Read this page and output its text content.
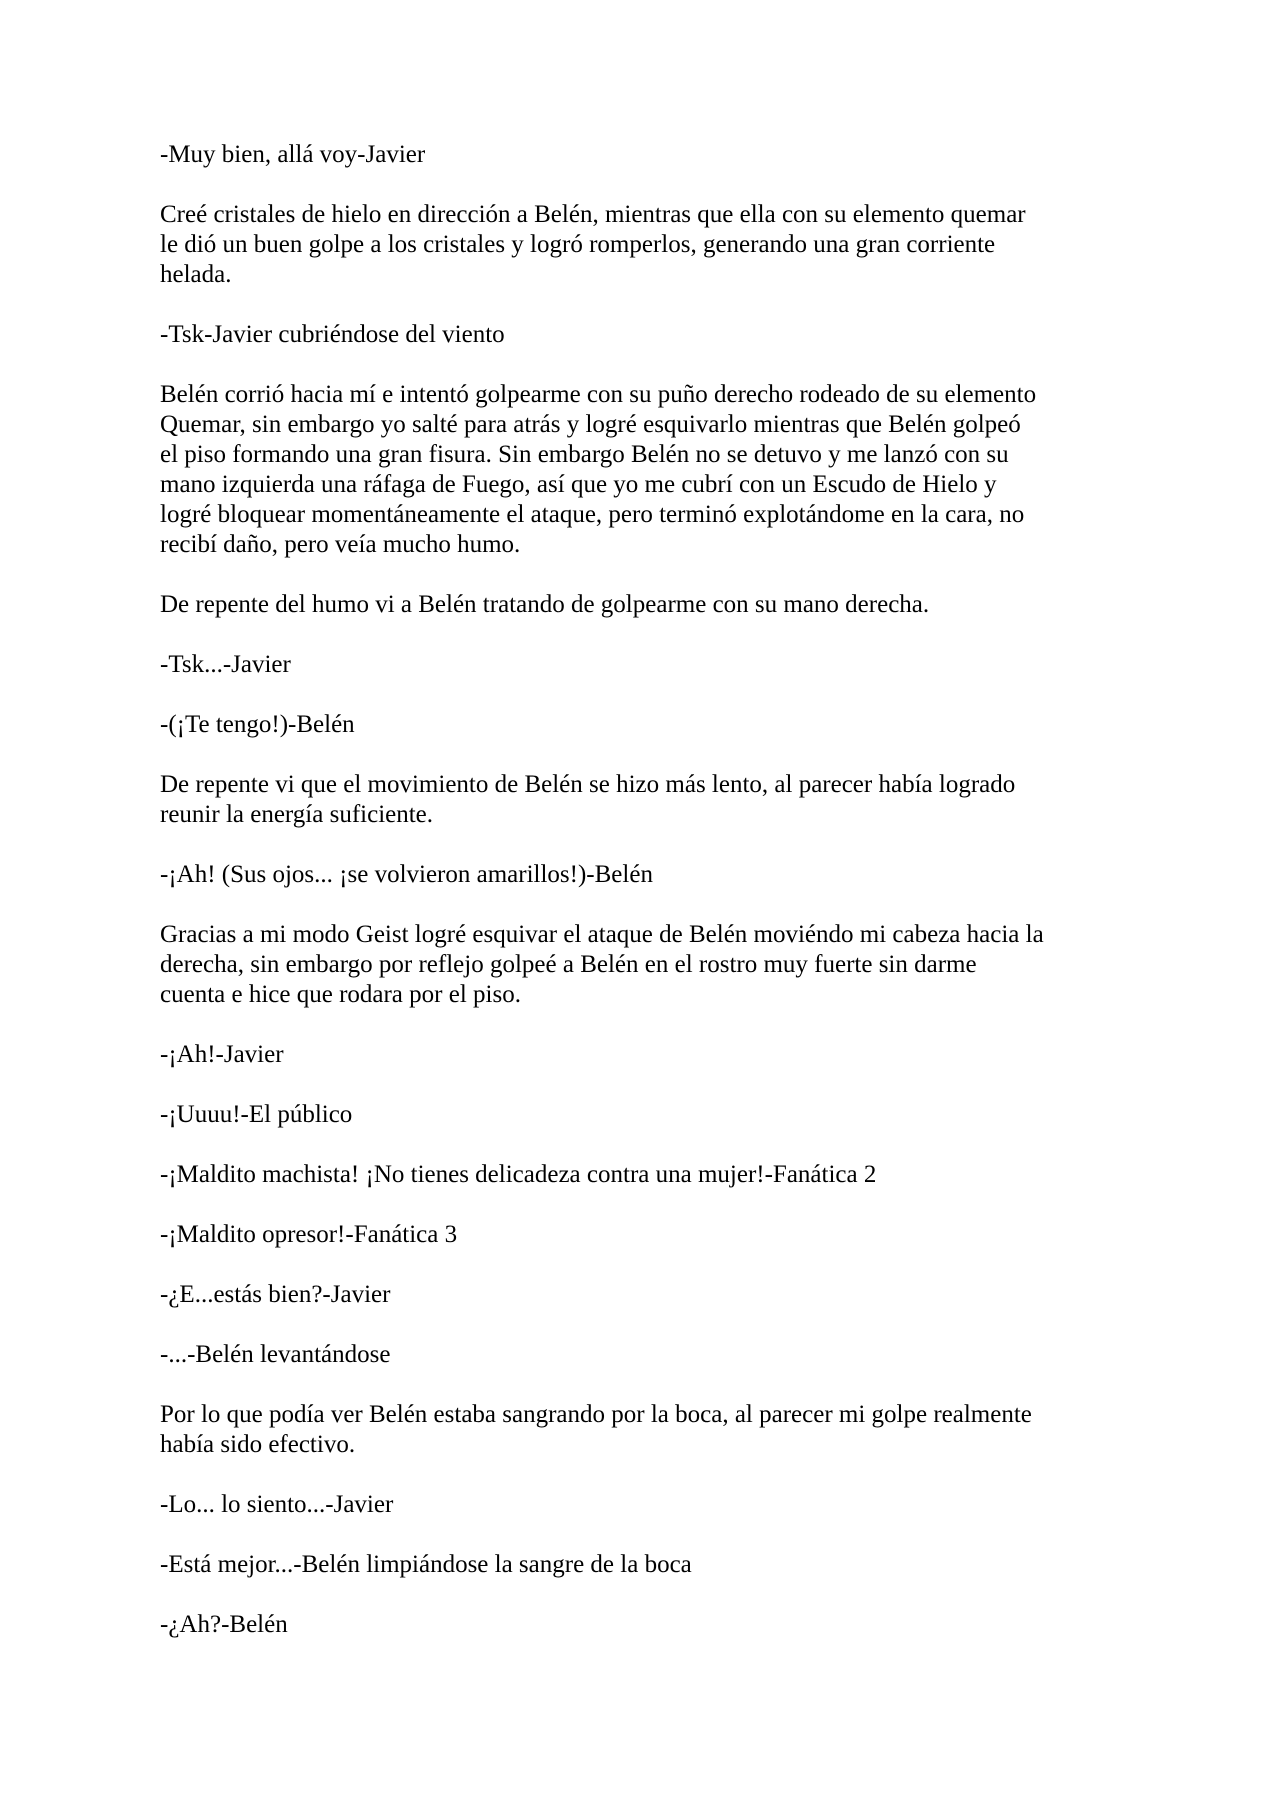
-Muy bien, allá voy-Javier
Creé cristales de hielo en dirección a Belén, mientras que ella con su elemento quemar
le dió un buen golpe a los cristales y logró romperlos, generando una gran corriente
helada.
-Tsk-Javier cubriéndose del viento
Belén corrió hacia mí e intentó golpearme con su puño derecho rodeado de su elemento
Quemar, sin embargo yo salté para atrás y logré esquivarlo mientras que Belén golpeó
el piso formando una gran fisura. Sin embargo Belén no se detuvo y me lanzó con su
mano izquierda una ráfaga de Fuego, así que yo me cubrí con un Escudo de Hielo y
logré bloquear momentáneamente el ataque, pero terminó explotándome en la cara, no
recibí daño, pero veía mucho humo.
De repente del humo vi a Belén tratando de golpearme con su mano derecha.
-Tsk...-Javier
-(¡Te tengo!)-Belén
De repente vi que el movimiento de Belén se hizo más lento, al parecer había logrado
reunir la energía suficiente.
-¡Ah! (Sus ojos... ¡se volvieron amarillos!)-Belén
Gracias a mi modo Geist logré esquivar el ataque de Belén moviéndo mi cabeza hacia la
derecha, sin embargo por reflejo golpeé a Belén en el rostro muy fuerte sin darme
cuenta e hice que rodara por el piso.
-¡Ah!-Javier
-¡Uuuu!-El público
-¡Maldito machista! ¡No tienes delicadeza contra una mujer!-Fanática 2
-¡Maldito opresor!-Fanática 3
-¿E...estás bien?-Javier
-...-Belén levantándose
Por lo que podía ver Belén estaba sangrando por la boca, al parecer mi golpe realmente
había sido efectivo.
-Lo... lo siento...-Javier
-Está mejor...-Belén limpiándose la sangre de la boca
-¿Ah?-Belén
